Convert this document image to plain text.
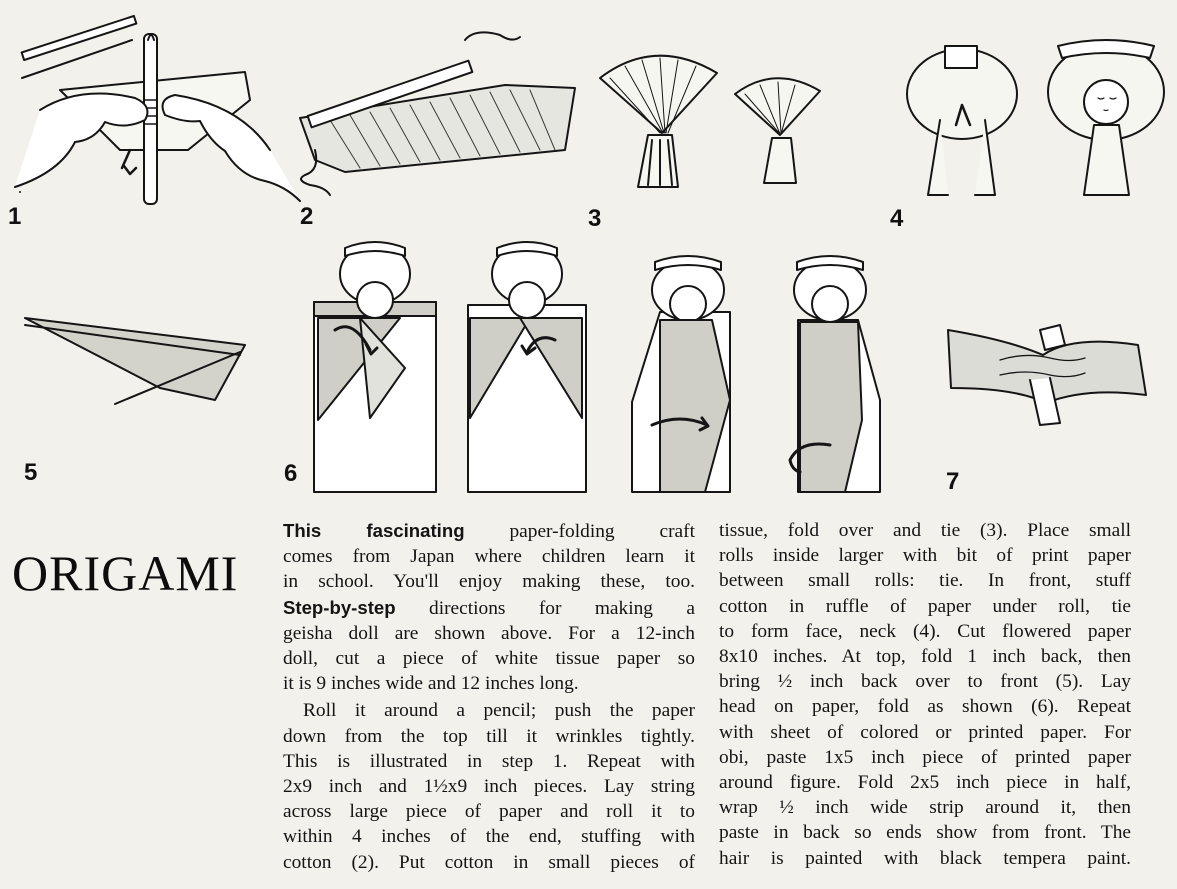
1	2	3	4
5	6	7
ORIGAMI

This fascinating paper-folding craft
comes from Japan where children learn it
in school. You'll enjoy making these, too.
Step-by-step directions for making a
geisha doll are shown above. For a 12-inch
doll, cut a piece of white tissue paper so
it is 9 inches wide and 12 inches long.

Roll it around a pencil; push the paper
down from the top till it wrinkles tightly.
This is illustrated in step 1. Repeat with
2x9 inch and 1½x9 inch pieces. Lay string
across large piece of paper and roll it to
within 4 inches of the end, stuffing with
cotton (2). Put cotton in small pieces of

tissue, fold over and tie (3). Place small
rolls inside larger with bit of print paper
between small rolls: tie. In front, stuff
cotton in ruffle of paper under roll, tie
to form face, neck (4). Cut flowered paper
8x10 inches. At top, fold 1 inch back, then
bring ½ inch back over to front (5). Lay
head on paper, fold as shown (6). Repeat
with sheet of colored or printed paper. For
obi, paste 1x5 inch piece of printed paper
around figure. Fold 2x5 inch piece in half,
wrap ½ inch wide strip around it, then
paste in back so ends show from front. The
hair is painted with black tempera paint.
